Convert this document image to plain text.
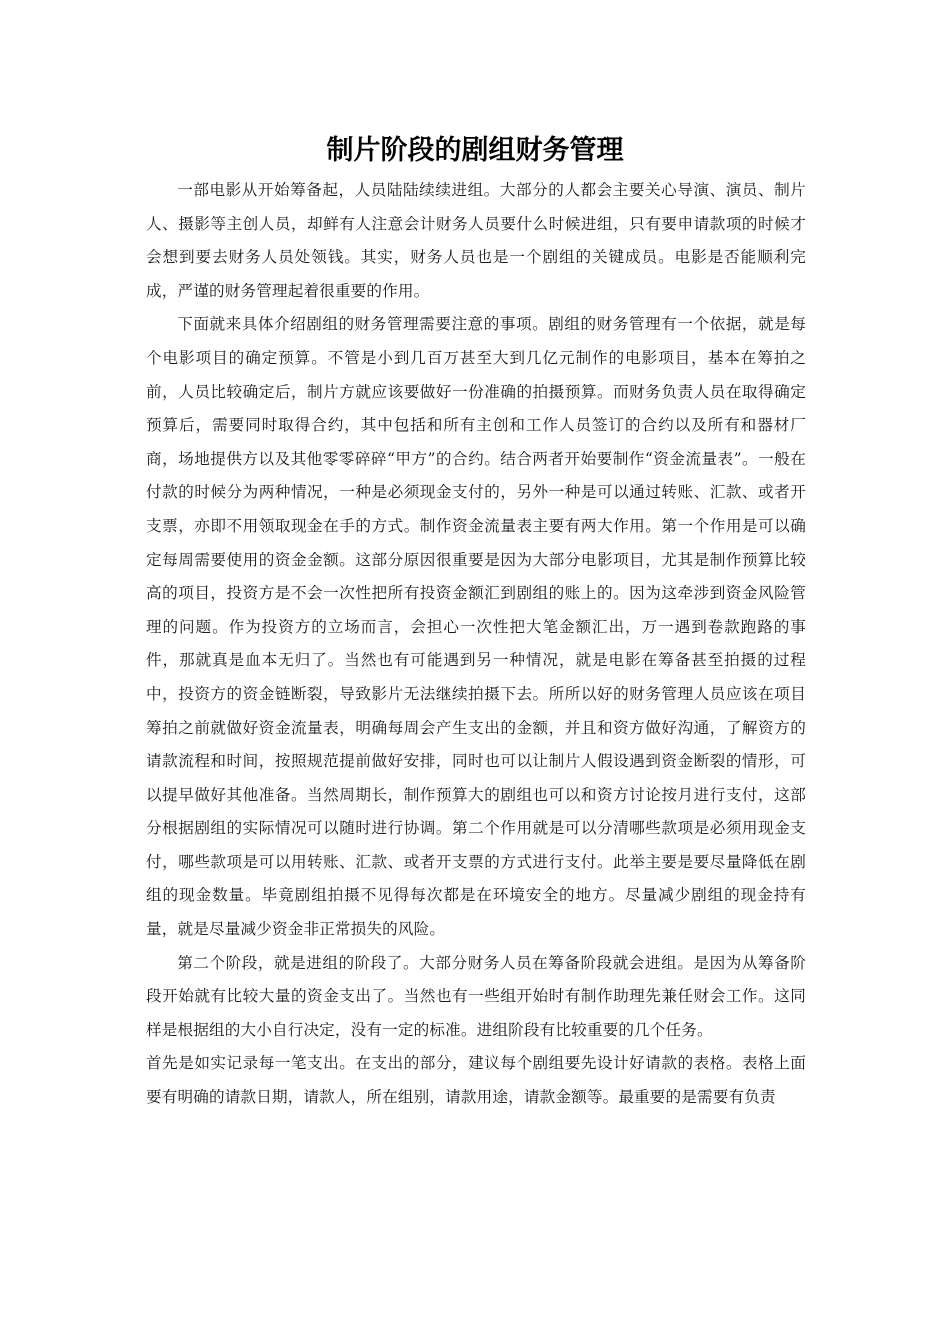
制片阶段的剧组财务管理

一部电影从开始筹备起，人员陆陆续续进组。大部分的人都会主要关心导演、演员、制片人、摄影等主创人员，却鲜有人注意会计财务人员要什么时候进组，只有要申请款项的时候才会想到要去财务人员处领钱。其实，财务人员也是一个剧组的关键成员。电影是否能顺利完成，严谨的财务管理起着很重要的作用。

下面就来具体介绍剧组的财务管理需要注意的事项。剧组的财务管理有一个依据，就是每个电影项目的确定预算。不管是小到几百万甚至大到几亿元制作的电影项目，基本在筹拍之前，人员比较确定后，制片方就应该要做好一份准确的拍摄预算。而财务负责人员在取得确定预算后，需要同时取得合约，其中包括和所有主创和工作人员签订的合约以及所有和器材厂商，场地提供方以及其他零零碎碎“甲方”的合约。结合两者开始要制作“资金流量表”。一般在付款的时候分为两种情况，一种是必须现金支付的，另外一种是可以通过转账、汇款、或者开支票，亦即不用领取现金在手的方式。制作资金流量表主要有两大作用。第一个作用是可以确定每周需要使用的资金金额。这部分原因很重要是因为大部分电影项目，尤其是制作预算比较高的项目，投资方是不会一次性把所有投资金额汇到剧组的账上的。因为这牵涉到资金风险管理的问题。作为投资方的立场而言，会担心一次性把大笔金额汇出，万一遇到卷款跑路的事件，那就真是血本无归了。当然也有可能遇到另一种情况，就是电影在筹备甚至拍摄的过程中，投资方的资金链断裂，导致影片无法继续拍摄下去。所所以好的财务管理人员应该在项目筹拍之前就做好资金流量表，明确每周会产生支出的金额，并且和资方做好沟通，了解资方的请款流程和时间，按照规范提前做好安排，同时也可以让制片人假设遇到资金断裂的情形，可以提早做好其他准备。当然周期长，制作预算大的剧组也可以和资方讨论按月进行支付，这部分根据剧组的实际情况可以随时进行协调。第二个作用就是可以分清哪些款项是必须用现金支付，哪些款项是可以用转账、汇款、或者开支票的方式进行支付。此举主要是要尽量降低在剧组的现金数量。毕竟剧组拍摄不见得每次都是在环境安全的地方。尽量减少剧组的现金持有量，就是尽量减少资金非正常损失的风险。

第二个阶段，就是进组的阶段了。大部分财务人员在筹备阶段就会进组。是因为从筹备阶段开始就有比较大量的资金支出了。当然也有一些组开始时有制作助理先兼任财会工作。这同样是根据组的大小自行决定，没有一定的标准。进组阶段有比较重要的几个任务。

首先是如实记录每一笔支出。在支出的部分，建议每个剧组要先设计好请款的表格。表格上面要有明确的请款日期，请款人，所在组别，请款用途，请款金额等。最重要的是需要有负责
